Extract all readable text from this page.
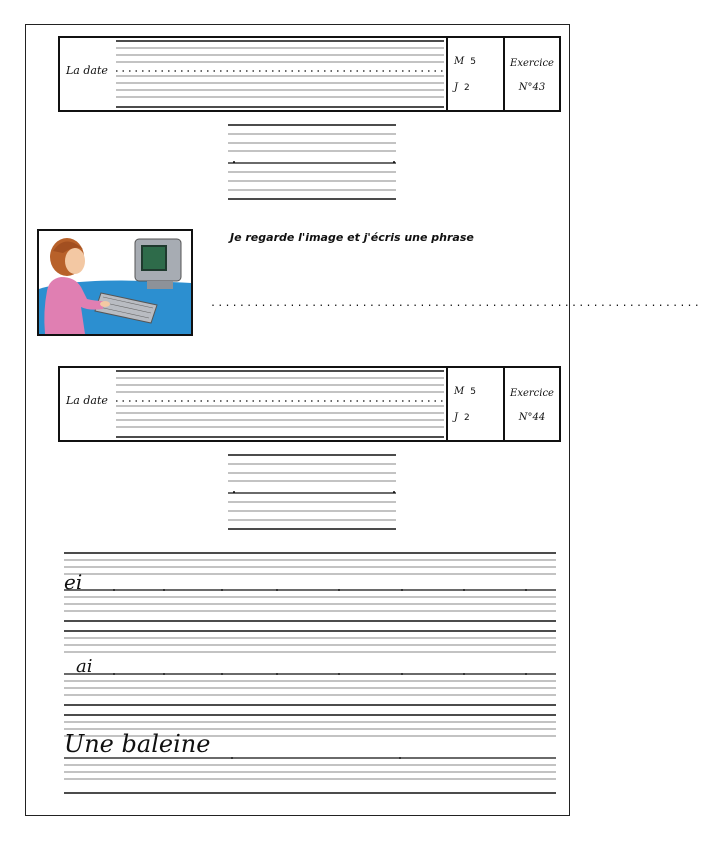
La date
M 5
J 2
Exercice
N°43
Je regarde l'image et j'écris une phrase
....................................................................
La date
M 5
J 2
Exercice
N°44
ei
ai
Une baleine
